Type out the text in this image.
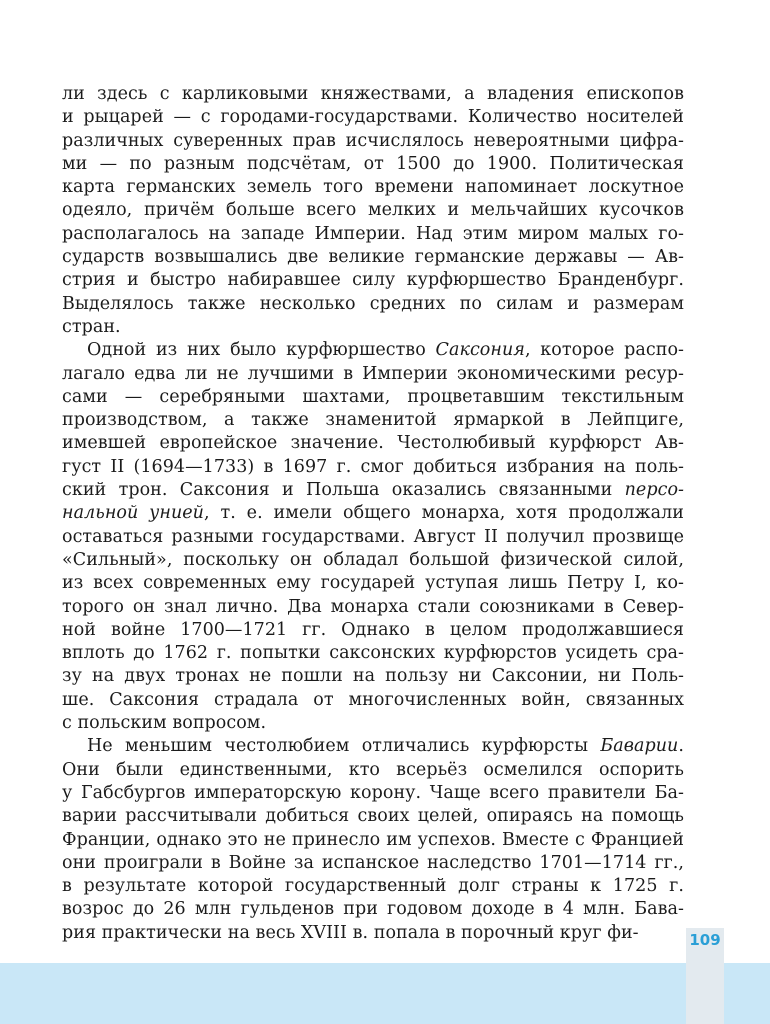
ли здесь с карликовыми княжествами, а владения епископов
и рыцарей — с городами-государствами. Количество носителей
различных суверенных прав исчислялось невероятными цифра-
ми — по разным подсчётам, от 1500 до 1900. Политическая
карта германских земель того времени напоминает лоскутное
одеяло, причём больше всего мелких и мельчайших кусочков
располагалось на западе Империи. Над этим миром малых го-
сударств возвышались две великие германские державы — Ав-
стрия и быстро набиравшее силу курфюршество Бранденбург.
Выделялось также несколько средних по силам и размерам
стран.
Одной из них было курфюршество Саксония, которое распо-
лагало едва ли не лучшими в Империи экономическими ресур-
сами — серебряными шахтами, процветавшим текстильным
производством, а также знаменитой ярмаркой в Лейпциге,
имевшей европейское значение. Честолюбивый курфюрст Ав-
густ II (1694—1733) в 1697 г. смог добиться избрания на поль-
ский трон. Саксония и Польша оказались связанными персо-
нальной унией, т. е. имели общего монарха, хотя продолжали
оставаться разными государствами. Август II получил прозвище
«Сильный», поскольку он обладал большой физической силой,
из всех современных ему государей уступая лишь Петру I, ко-
торого он знал лично. Два монарха стали союзниками в Север-
ной войне 1700—1721 гг. Однако в целом продолжавшиеся
вплоть до 1762 г. попытки саксонских курфюрстов усидеть сра-
зу на двух тронах не пошли на пользу ни Саксонии, ни Поль-
ше. Саксония страдала от многочисленных войн, связанных
с польским вопросом.
Не меньшим честолюбием отличались курфюрсты Баварии.
Они были единственными, кто всерьёз осмелился оспорить
у Габсбургов императорскую корону. Чаще всего правители Ба-
варии рассчитывали добиться своих целей, опираясь на помощь
Франции, однако это не принесло им успехов. Вместе с Францией
они проиграли в Войне за испанское наследство 1701—1714 гг.,
в результате которой государственный долг страны к 1725 г.
возрос до 26 млн гульденов при годовом доходе в 4 млн. Бава-
рия практически на весь XVIII в. попала в порочный круг фи-	109
